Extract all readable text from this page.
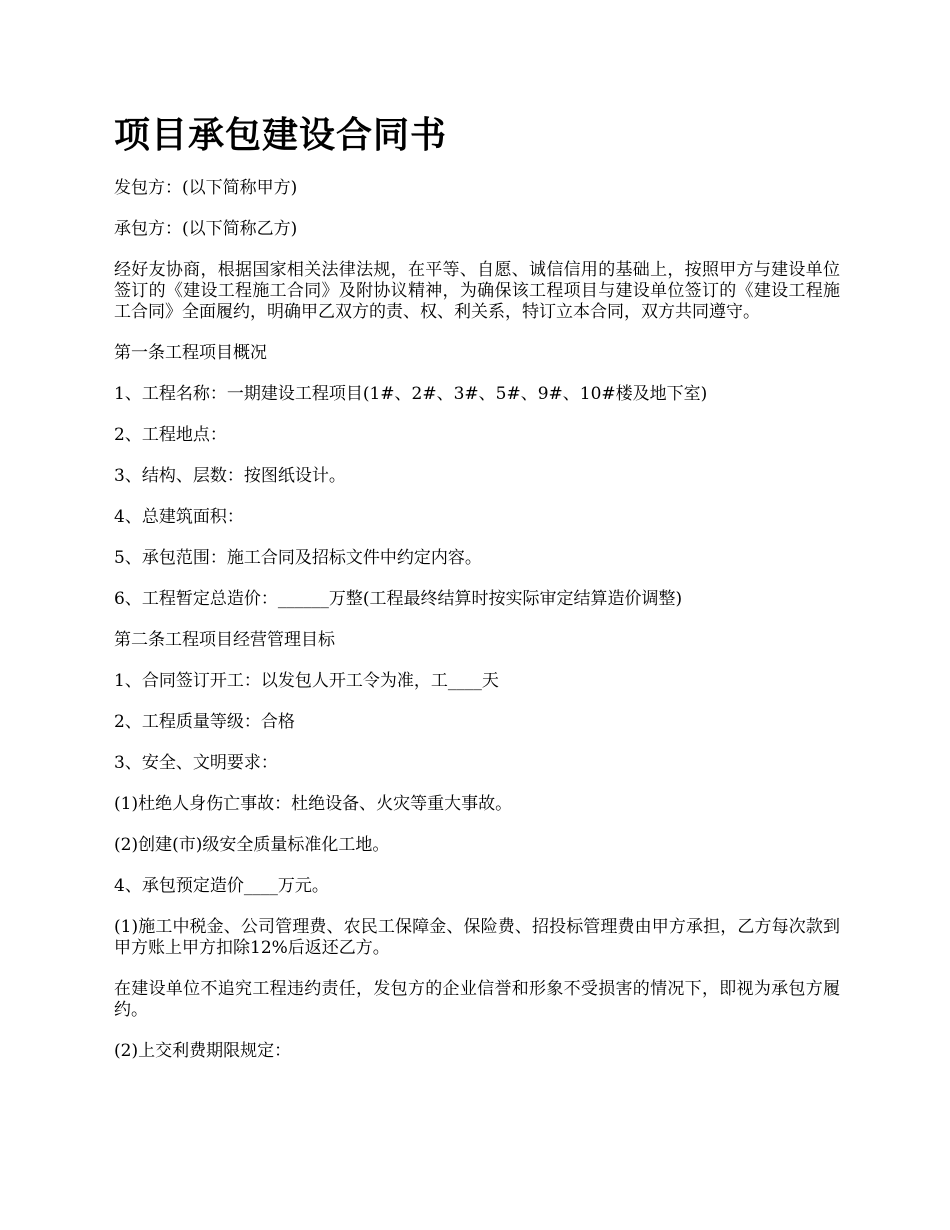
项目承包建设合同书

发包方：(以下简称甲方)

承包方：(以下简称乙方)

经好友协商，根据国家相关法律法规，在平等、自愿、诚信信用的基础上，按照甲方与建设单位签订的《建设工程施工合同》及附协议精神，为确保该工程项目与建设单位签订的《建设工程施工合同》全面履约，明确甲乙双方的责、权、利关系，特订立本合同，双方共同遵守。

第一条工程项目概况

1、工程名称：一期建设工程项目(1#、2#、3#、5#、9#、10#楼及地下室)

2、工程地点：

3、结构、层数：按图纸设计。

4、总建筑面积：

5、承包范围：施工合同及招标文件中约定内容。

6、工程暂定总造价：______万整(工程最终结算时按实际审定结算造价调整)

第二条工程项目经营管理目标

1、合同签订开工：以发包人开工令为准，工____天

2、工程质量等级：合格

3、安全、文明要求：

(1)杜绝人身伤亡事故：杜绝设备、火灾等重大事故。

(2)创建(市)级安全质量标准化工地。

4、承包预定造价____万元。

(1)施工中税金、公司管理费、农民工保障金、保险费、招投标管理费由甲方承担，乙方每次款到甲方账上甲方扣除12%后返还乙方。

在建设单位不追究工程违约责任，发包方的企业信誉和形象不受损害的情况下，即视为承包方履约。

(2)上交利费期限规定：
